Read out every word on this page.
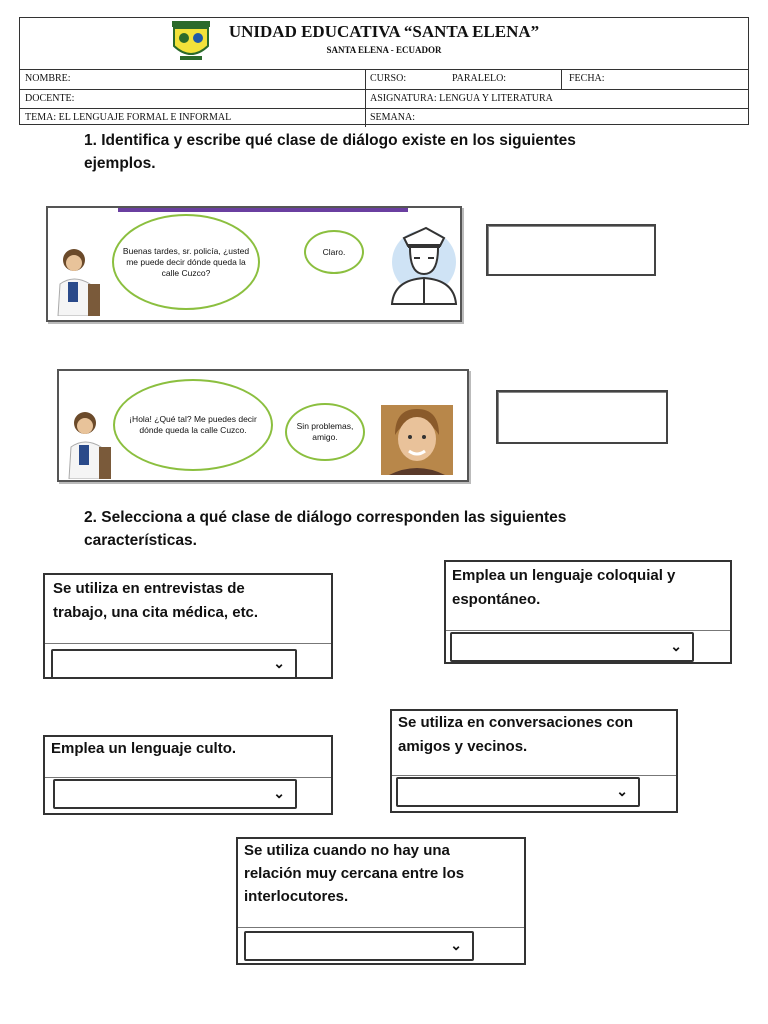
UNIDAD EDUCATIVA “SANTA ELENA”
SANTA ELENA - ECUADOR
NOMBRE:	CURSO:	PARALELO:	FECHA:
DOCENTE:	ASIGNATURA: LENGUA Y LITERATURA
TEMA: EL LENGUAJE FORMAL E INFORMAL	SEMANA:
1. Identifica y escribe qué clase de diálogo existe en los siguientes
ejemplos.
Buenas tardes, sr. policía, ¿usted me puede decir dónde queda la calle Cuzco?
Claro.
¡Hola! ¿Qué tal? Me puedes decir dónde queda la calle Cuzco.	Sin problemas, amigo.
2. Selecciona a qué clase de diálogo corresponden las siguientes
características.
Se utiliza en entrevistas de
trabajo, una cita médica, etc.
⌄
Emplea un lenguaje coloquial y
espontáneo.
⌄
Emplea un lenguaje culto.
⌄
Se utiliza en conversaciones con
amigos y vecinos.
⌄
Se utiliza cuando no hay una
relación muy cercana entre los
interlocutores.
⌄
